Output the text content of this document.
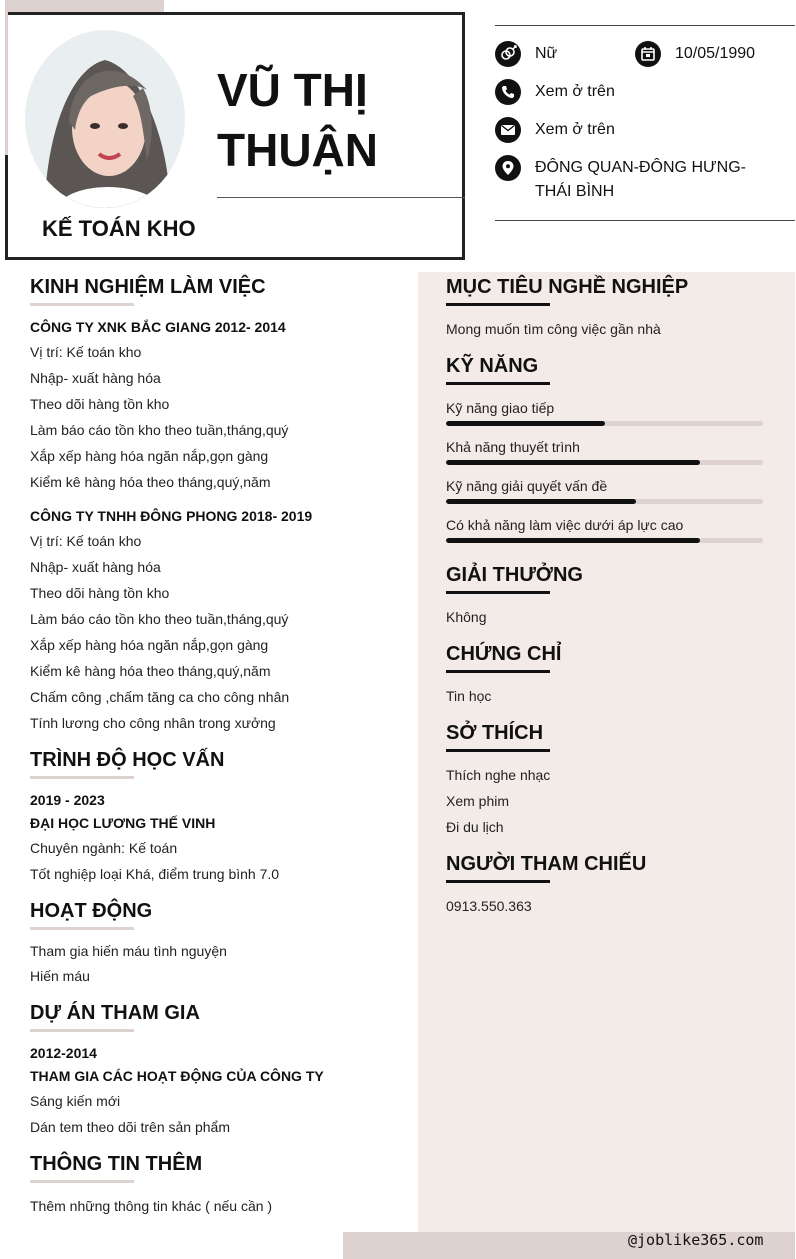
VŨ THỊ THUẬN
KẾ TOÁN KHO
Nữ	10/05/1990
Xem ở trên
Xem ở trên
ĐÔNG QUAN-ĐÔNG HƯNG- THÁI BÌNH
KINH NGHIỆM LÀM VIỆC
CÔNG TY XNK BẮC GIANG 2012- 2014
Vị trí: Kế toán kho
Nhập- xuất hàng hóa
Theo dõi hàng tồn kho
Làm báo cáo tồn kho theo tuần,tháng,quý
Xắp xếp hàng hóa ngăn nắp,gọn gàng
Kiểm kê hàng hóa theo tháng,quý,năm
CÔNG TY TNHH ĐÔNG PHONG 2018- 2019
Vị trí: Kế toán kho
Nhập- xuất hàng hóa
Theo dõi hàng tồn kho
Làm báo cáo tồn kho theo tuần,tháng,quý
Xắp xếp hàng hóa ngăn nắp,gọn gàng
Kiểm kê hàng hóa theo tháng,quý,năm
Chấm công ,chấm tăng ca cho công nhân
Tính lương cho công nhân trong xưởng
TRÌNH ĐỘ HỌC VẤN
2019 - 2023
ĐẠI HỌC LƯƠNG THẾ VINH
Chuyên ngành: Kế toán
Tốt nghiệp loại Khá, điểm trung bình 7.0
HOẠT ĐỘNG
Tham gia hiến máu tình nguyện
Hiến máu
DỰ ÁN THAM GIA
2012-2014
THAM GIA CÁC HOẠT ĐỘNG CỦA CÔNG TY
Sáng kiến mới
Dán tem theo dõi trên sản phẩm
THÔNG TIN THÊM
Thêm những thông tin khác ( nếu cần )
MỤC TIÊU NGHỀ NGHIỆP
Mong muốn tìm công việc gần nhà
KỸ NĂNG
Kỹ năng giao tiếp
Khả năng thuyết trình
Kỹ năng giải quyết vấn đề
Có khả năng làm việc dưới áp lực cao
GIẢI THƯỞNG
Không
CHỨNG CHỈ
Tin học
SỞ THÍCH
Thích nghe nhạc
Xem phim
Đi du lịch
NGƯỜI THAM CHIẾU
0913.550.363
@joblike365.com
